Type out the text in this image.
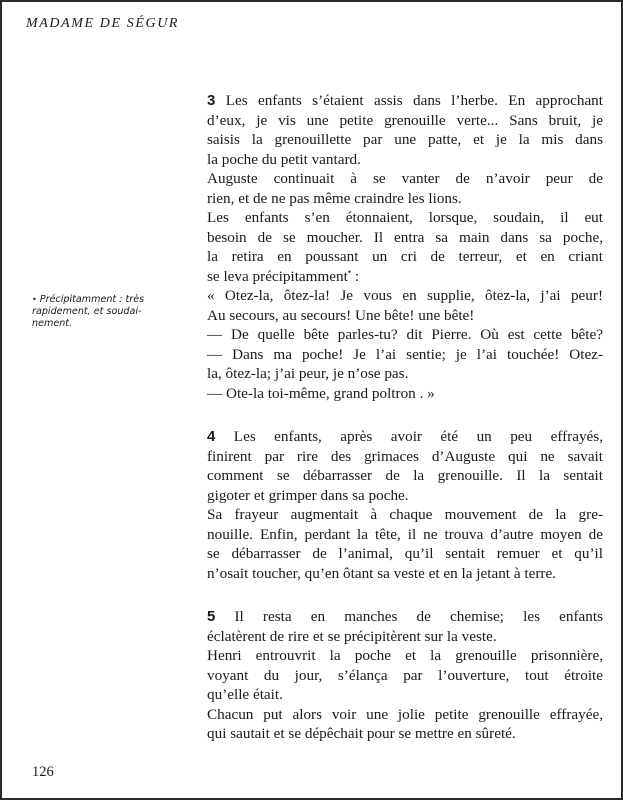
MADAME DE SÉGUR
• Précipitamment : très
rapidement, et soudai-
nement.
3 Les enfants s’étaient assis dans l’herbe. En approchant
d’eux, je vis une petite grenouille verte... Sans bruit, je
saisis la grenouillette par une patte, et je la mis dans
la poche du petit vantard.
Auguste continuait à se vanter de n’avoir peur de
rien, et de ne pas même craindre les lions.
Les enfants s’en étonnaient, lorsque, soudain, il eut
besoin de se moucher. Il entra sa main dans sa poche,
la retira en poussant un cri de terreur, et en criant
se leva précipitamment• :
« Otez-la, ôtez-la! Je vous en supplie, ôtez-la, j’ai peur!
Au secours, au secours! Une bête! une bête!
— De quelle bête parles-tu? dit Pierre. Où est cette bête?
— Dans ma poche! Je l’ai sentie; je l’ai touchée! Otez-
la, ôtez-la; j’ai peur, je n’ose pas.
— Ote-la toi-même, grand poltron . »
4 Les enfants, après avoir été un peu effrayés,
finirent par rire des grimaces d’Auguste qui ne savait
comment se débarrasser de la grenouille. Il la sentait
gigoter et grimper dans sa poche.
Sa frayeur augmentait à chaque mouvement de la gre-
nouille. Enfin, perdant la tête, il ne trouva d’autre moyen de
se débarrasser de l’animal, qu’il sentait remuer et qu’il
n’osait toucher, qu’en ôtant sa veste et en la jetant à terre.
5 Il resta en manches de chemise; les enfants
éclatèrent de rire et se précipitèrent sur la veste.
Henri entrouvrit la poche et la grenouille prisonnière,
voyant du jour, s’élança par l’ouverture, tout étroite
qu’elle était.
Chacun put alors voir une jolie petite grenouille effrayée,
qui sautait et se dépêchait pour se mettre en sûreté.
126
